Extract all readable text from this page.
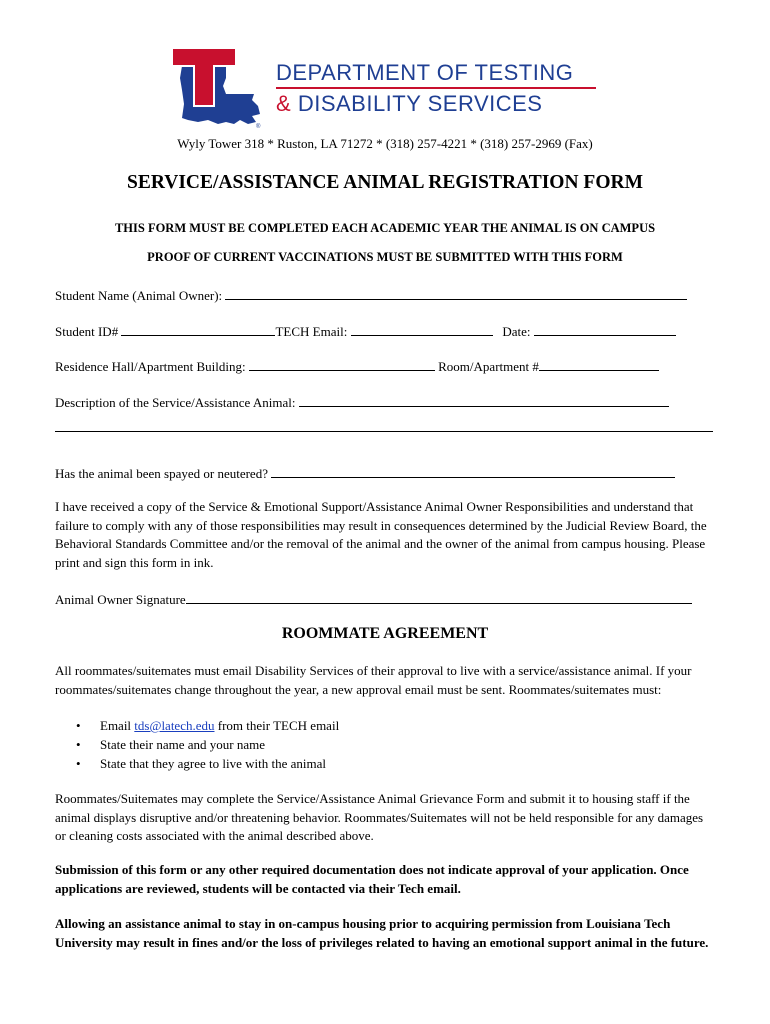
®
DEPARTMENT OF TESTING
& DISABILITY SERVICES
Wyly Tower 318 * Ruston, LA 71272 * (318) 257-4221 * (318) 257-2969 (Fax)
SERVICE/ASSISTANCE ANIMAL REGISTRATION FORM
THIS FORM MUST BE COMPLETED EACH ACADEMIC YEAR THE ANIMAL IS ON CAMPUS
PROOF OF CURRENT VACCINATIONS MUST BE SUBMITTED WITH THIS FORM
Student Name (Animal Owner):
Student ID#	TECH Email:	Date:
Residence Hall/Apartment Building:	Room/Apartment #
Description of the Service/Assistance Animal:
Has the animal been spayed or neutered?
I have received a copy of the Service & Emotional Support/Assistance Animal Owner Responsibilities and understand that failure to comply with any of those responsibilities may result in consequences determined by the Judicial Review Board, the Behavioral Standards Committee and/or the removal of the animal and the owner of the animal from campus housing. Please print and sign this form in ink.
Animal Owner Signature
ROOMMATE AGREEMENT
All roommates/suitemates must email Disability Services of their approval to live with a service/assistance animal. If your roommates/suitemates change throughout the year, a new approval email must be sent. Roommates/suitemates must:
• Email tds@latech.edu from their TECH email
• State their name and your name
• State that they agree to live with the animal
Roommates/Suitemates may complete the Service/Assistance Animal Grievance Form and submit it to housing staff if the animal displays disruptive and/or threatening behavior. Roommates/Suitemates will not be held responsible for any damages or cleaning costs associated with the animal described above.
Submission of this form or any other required documentation does not indicate approval of your application. Once applications are reviewed, students will be contacted via their Tech email.
Allowing an assistance animal to stay in on-campus housing prior to acquiring permission from Louisiana Tech University may result in fines and/or the loss of privileges related to having an emotional support animal in the future.
